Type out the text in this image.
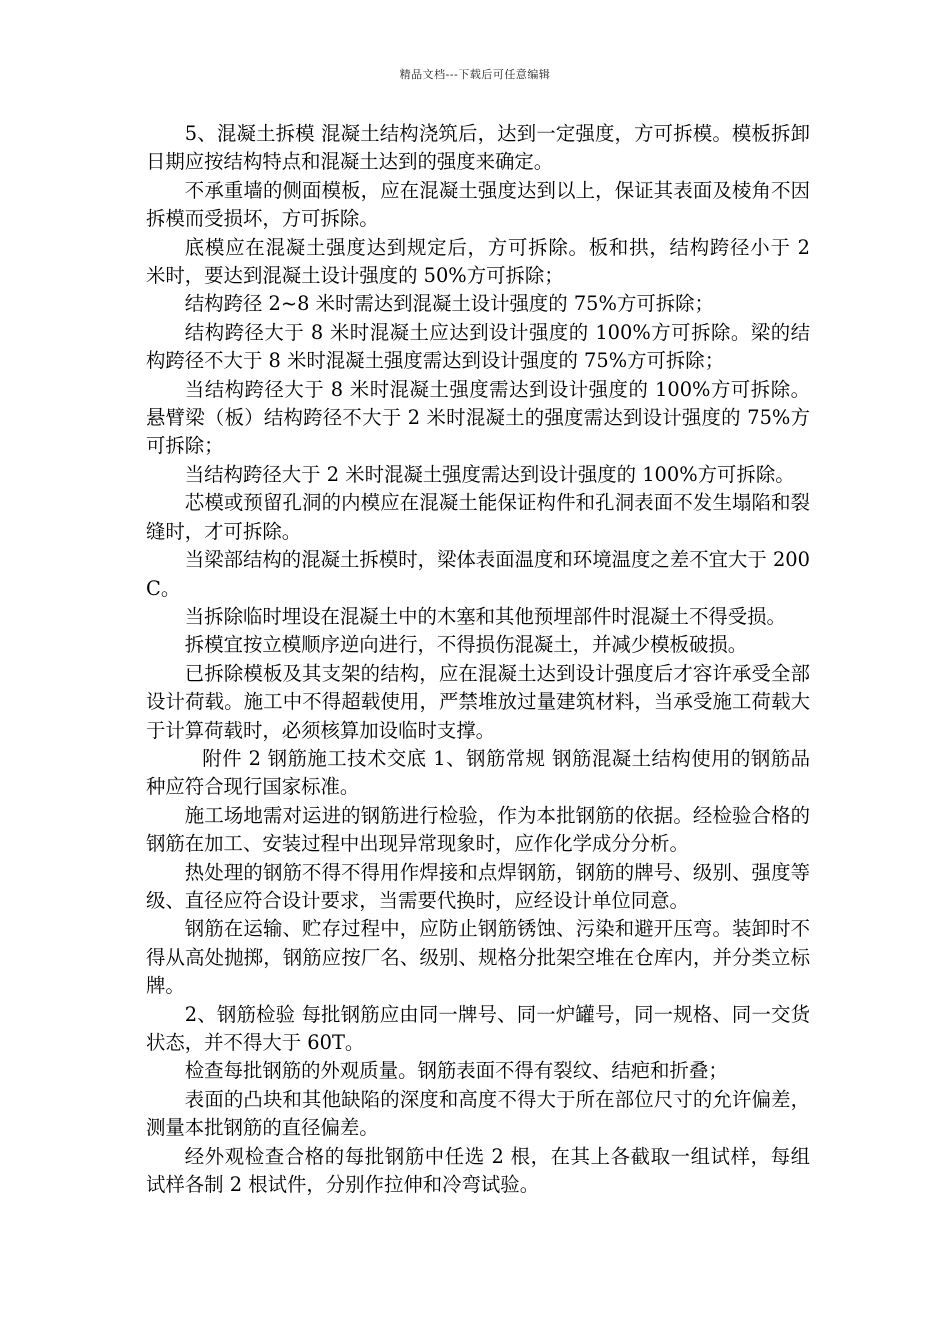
精品文档---下载后可任意编辑

5、混凝土拆模 混凝土结构浇筑后，达到一定强度，方可拆模。模板拆卸日期应按结构特点和混凝土达到的强度来确定。

不承重墙的侧面模板，应在混凝土强度达到以上，保证其表面及棱角不因拆模而受损坏，方可拆除。

底模应在混凝土强度达到规定后，方可拆除。板和拱，结构跨径小于 2 米时，要达到混凝土设计强度的 50%方可拆除；

结构跨径 2~8 米时需达到混凝土设计强度的 75%方可拆除；

结构跨径大于 8 米时混凝土应达到设计强度的 100%方可拆除。梁的结构跨径不大于 8 米时混凝土强度需达到设计强度的 75%方可拆除；

当结构跨径大于 8 米时混凝土强度需达到设计强度的 100%方可拆除。悬臂梁（板）结构跨径不大于 2 米时混凝土的强度需达到设计强度的 75%方可拆除；

当结构跨径大于 2 米时混凝土强度需达到设计强度的 100%方可拆除。

芯模或预留孔洞的内模应在混凝土能保证构件和孔洞表面不发生塌陷和裂缝时，才可拆除。

当梁部结构的混凝土拆模时，梁体表面温度和环境温度之差不宜大于 200C。

当拆除临时埋设在混凝土中的木塞和其他预埋部件时混凝土不得受损。

拆模宜按立模顺序逆向进行，不得损伤混凝土，并减少模板破损。

已拆除模板及其支架的结构，应在混凝土达到设计强度后才容许承受全部设计荷载。施工中不得超载使用，严禁堆放过量建筑材料，当承受施工荷载大于计算荷载时，必须核算加设临时支撑。

附件 2 钢筋施工技术交底 1、钢筋常规 钢筋混凝土结构使用的钢筋品种应符合现行国家标准。

施工场地需对运进的钢筋进行检验，作为本批钢筋的依据。经检验合格的钢筋在加工、安装过程中出现异常现象时，应作化学成分分析。

热处理的钢筋不得不得用作焊接和点焊钢筋，钢筋的牌号、级别、强度等级、直径应符合设计要求，当需要代换时，应经设计单位同意。

钢筋在运输、贮存过程中，应防止钢筋锈蚀、污染和避开压弯。装卸时不得从高处抛掷，钢筋应按厂名、级别、规格分批架空堆在仓库内，并分类立标牌。

2、钢筋检验 每批钢筋应由同一牌号、同一炉罐号，同一规格、同一交货状态，并不得大于 60T。

检查每批钢筋的外观质量。钢筋表面不得有裂纹、结疤和折叠；

表面的凸块和其他缺陷的深度和高度不得大于所在部位尺寸的允许偏差，测量本批钢筋的直径偏差。

经外观检查合格的每批钢筋中任选 2 根，在其上各截取一组试样，每组试样各制 2 根试件，分别作拉伸和冷弯试验。
